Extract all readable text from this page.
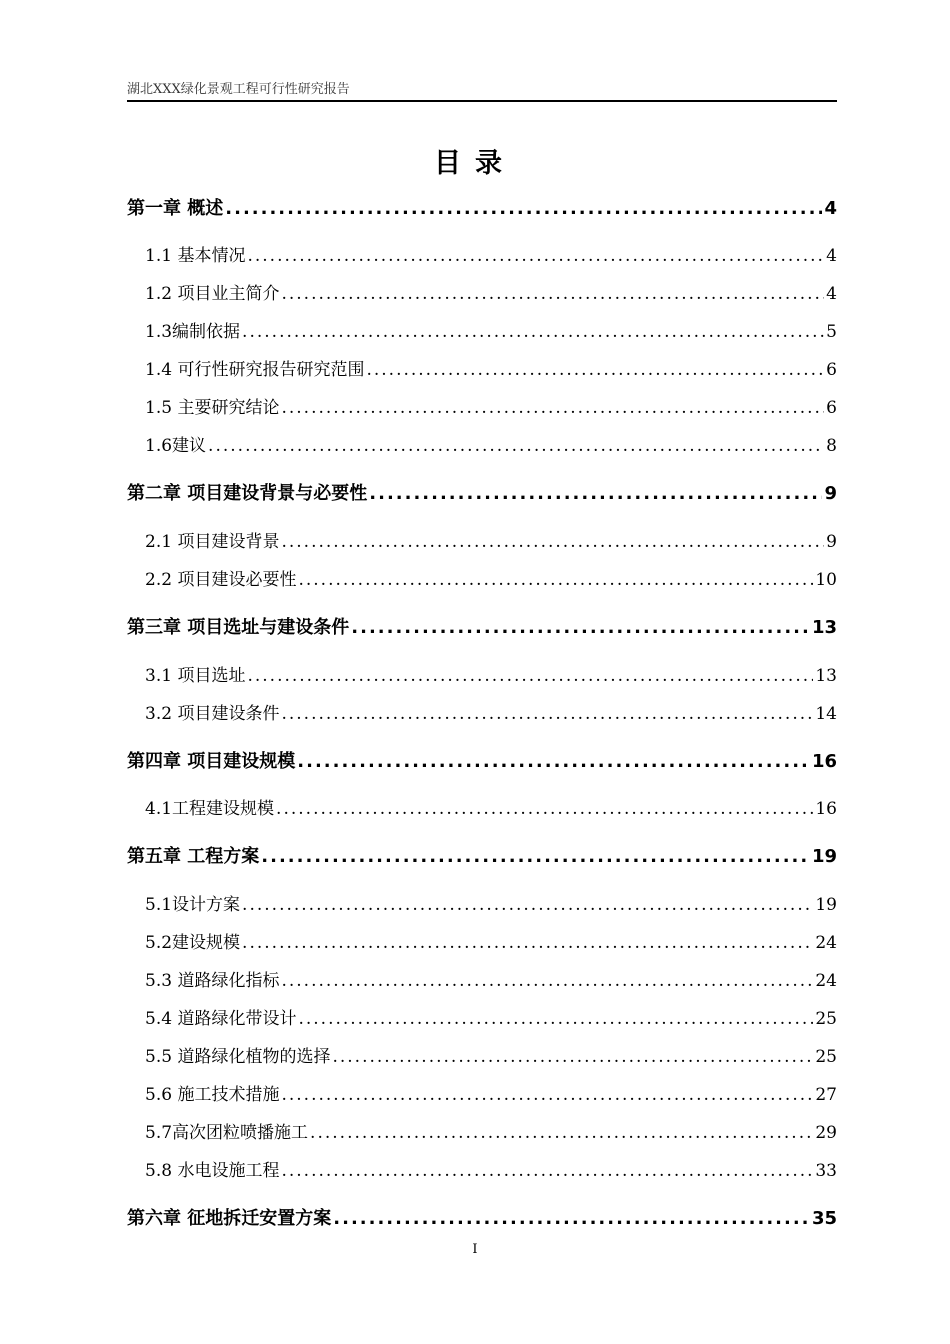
湖北XXX绿化景观工程可行性研究报告
目录
第一章 概述 .....	4
1.1 基本情况 .....	4
1.2 项目业主简介 .....	4
1.3编制依据 .....	5
1.4 可行性研究报告研究范围 .....	6
1.5 主要研究结论 .....	6
1.6建议 .....	8
第二章 项目建设背景与必要性 .....	9
2.1 项目建设背景 .....	9
2.2 项目建设必要性 .....	10
第三章 项目选址与建设条件 .....	13
3.1 项目选址 .....	13
3.2 项目建设条件 .....	14
第四章 项目建设规模 .....	16
4.1工程建设规模 .....	16
第五章 工程方案 .....	19
5.1设计方案 .....	19
5.2建设规模 .....	24
5.3 道路绿化指标 .....	24
5.4 道路绿化带设计 .....	25
5.5 道路绿化植物的选择 .....	25
5.6 施工技术措施 .....	27
5.7高次团粒喷播施工 .....	29
5.8 水电设施工程 .....	33
第六章 征地拆迁安置方案 .....	35
I
